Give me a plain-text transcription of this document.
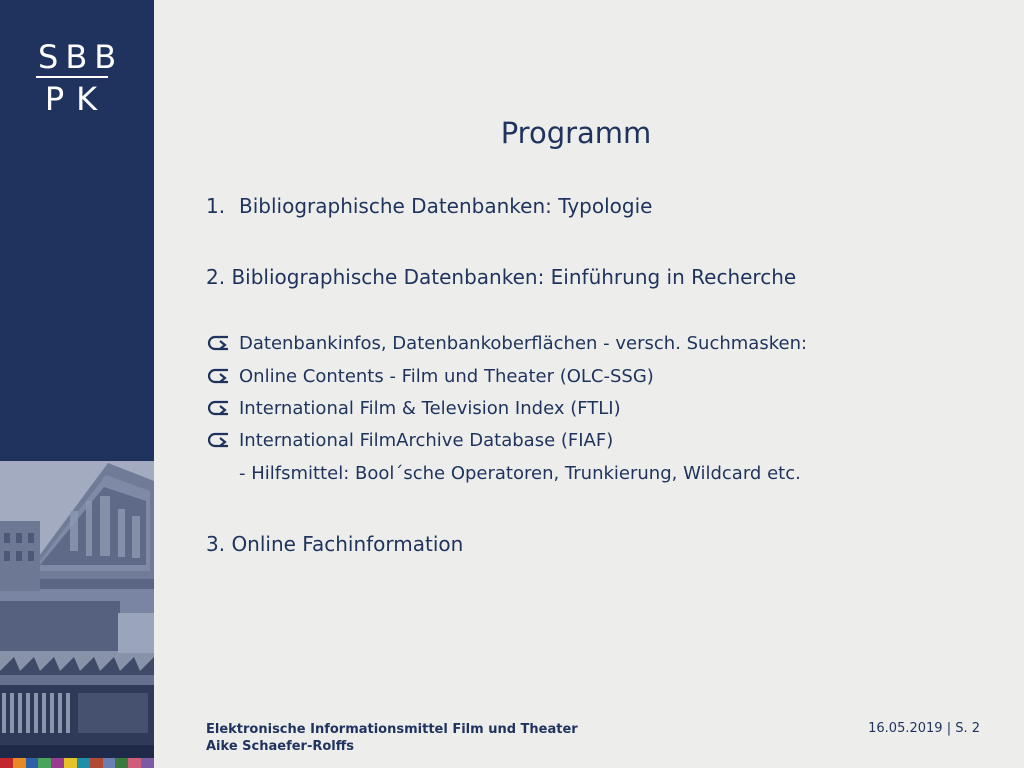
SBB
PK
Programm
1. Bibliographische Datenbanken: Typologie
2. Bibliographische Datenbanken: Einführung in Recherche
Datenbankinfos, Datenbankoberflächen - versch. Suchmasken:
Online Contents - Film und Theater (OLC-SSG)
International Film & Television Index (FTLI)
International FilmArchive Database (FIAF)
- Hilfsmittel: Bool´sche Operatoren, Trunkierung, Wildcard etc.
3. Online Fachinformation
Elektronische Informationsmittel Film und Theater
Aike Schaefer-Rolffs
16.05.2019 | S. 2
